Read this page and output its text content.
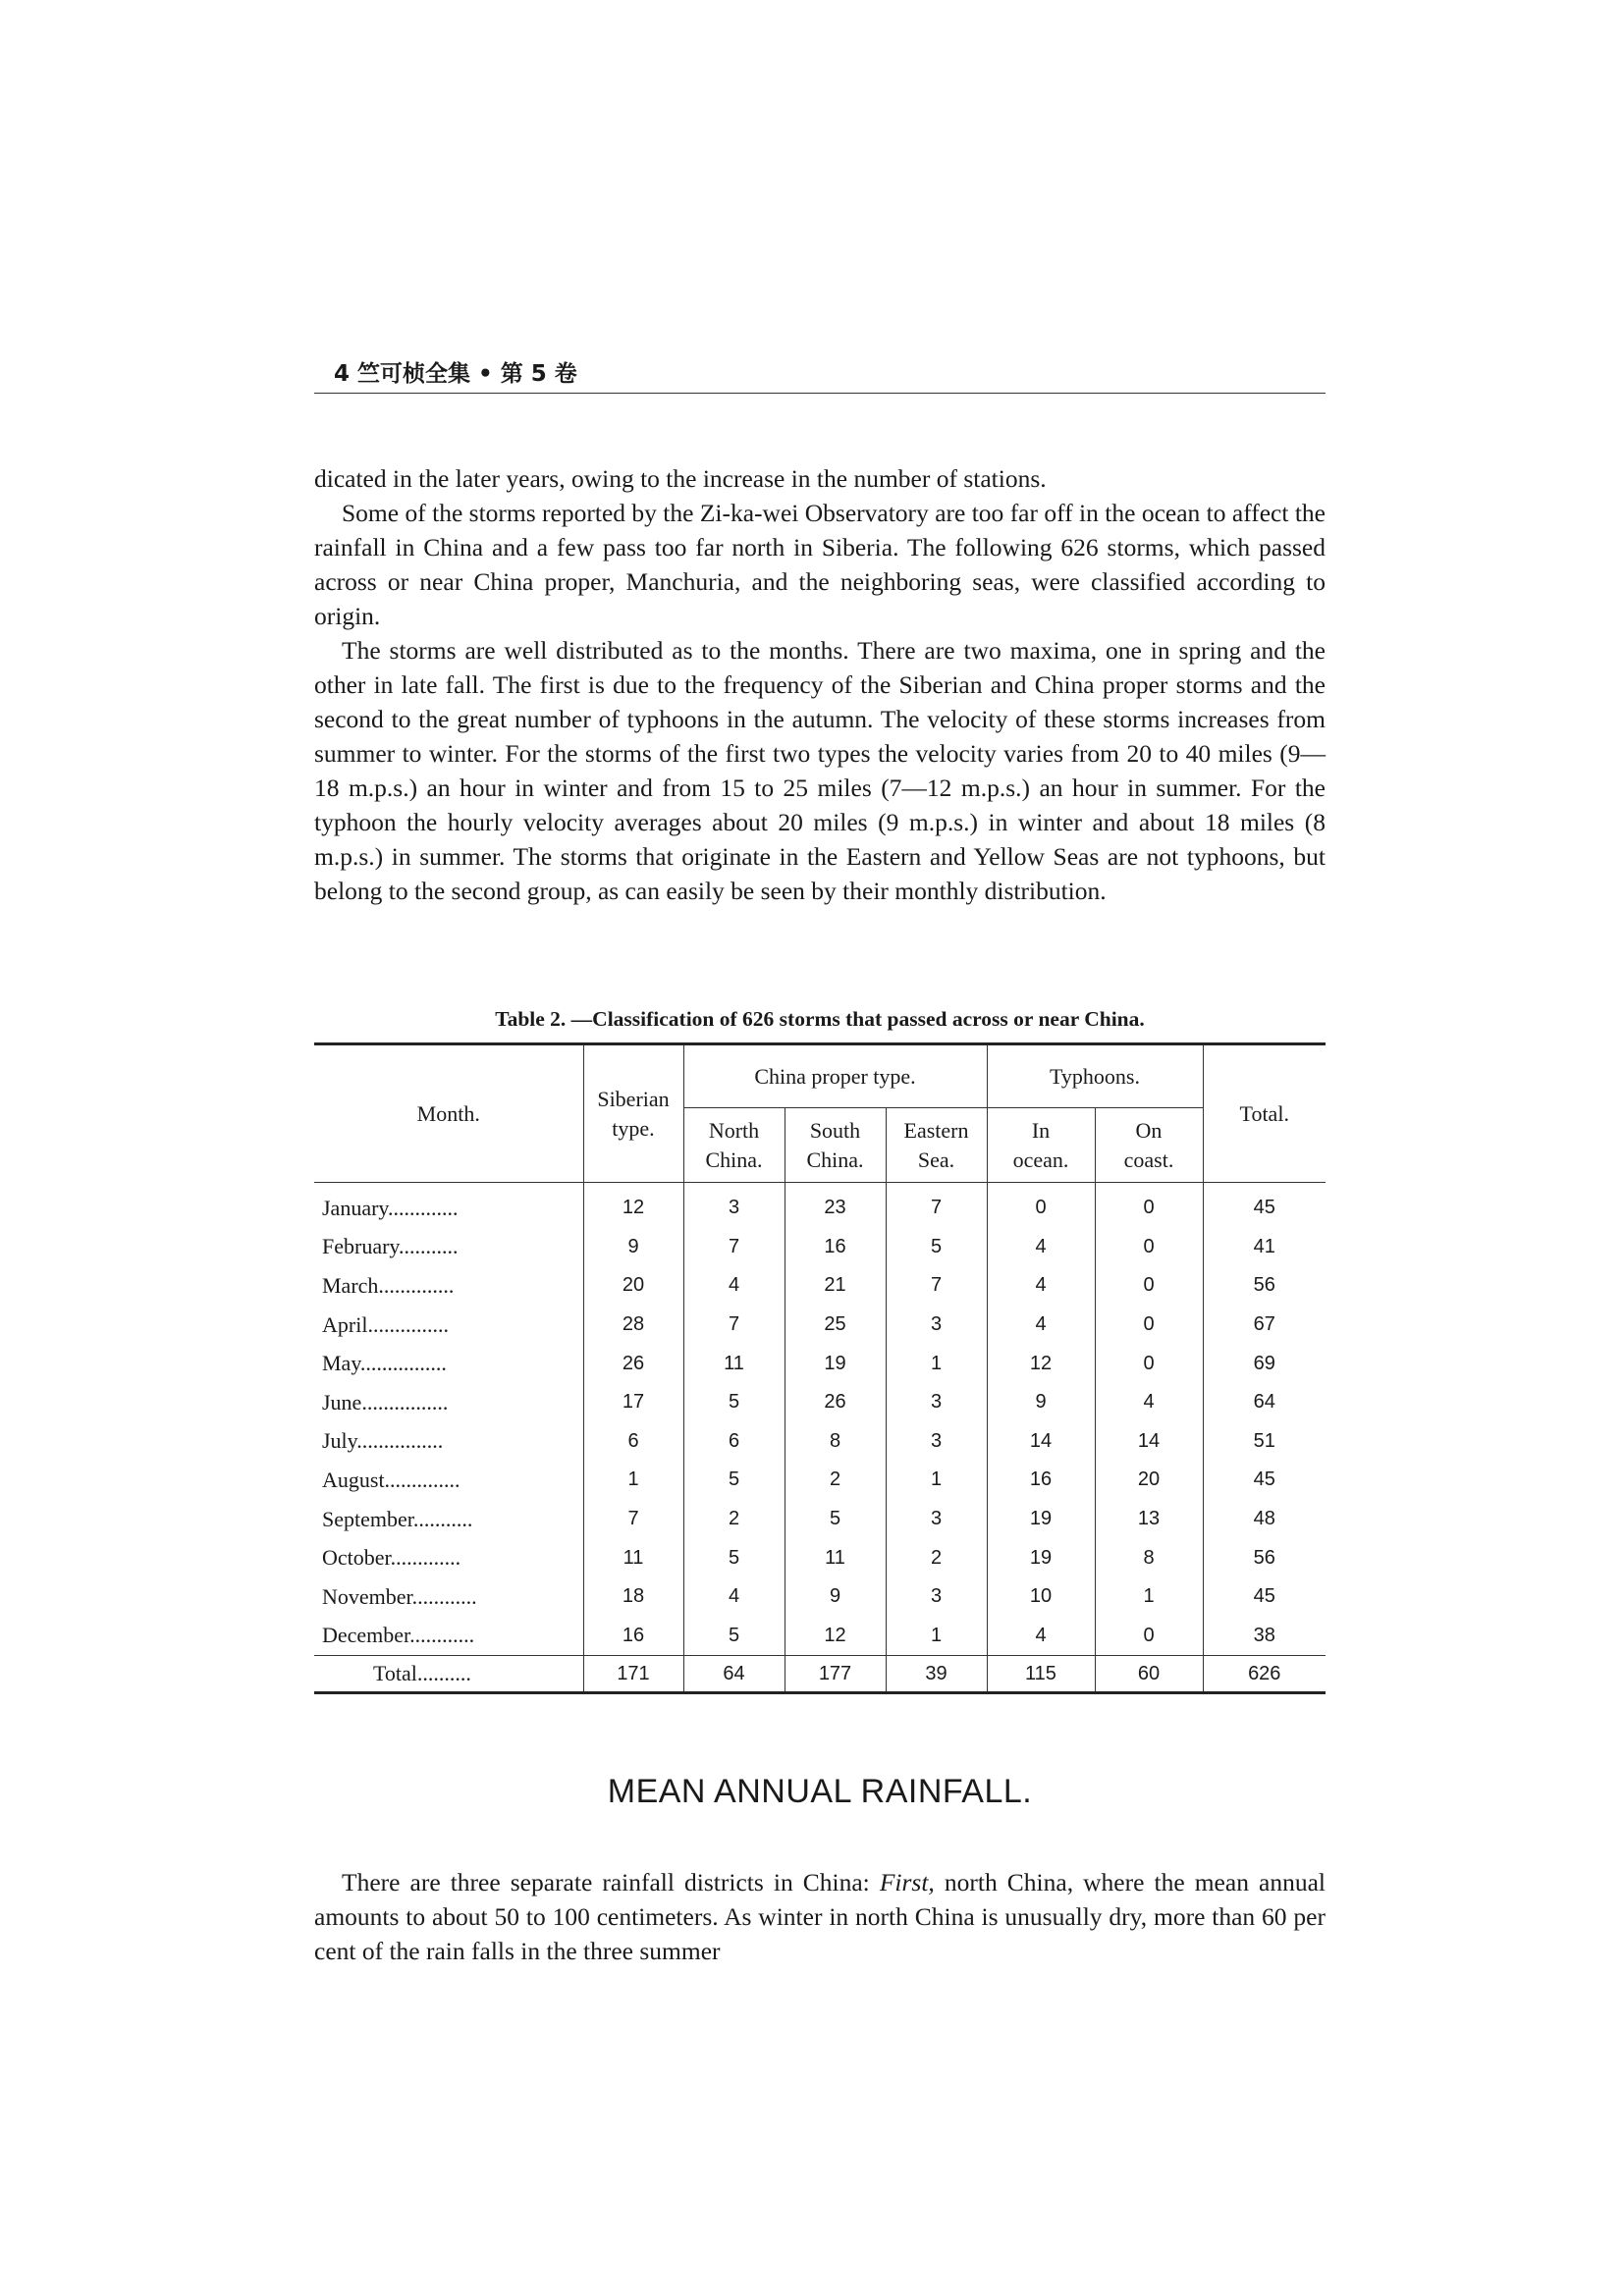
4 竺可桢全集 • 第 5 卷

dicated in the later years, owing to the increase in the number of stations.

Some of the storms reported by the Zi-ka-wei Observatory are too far off in the ocean to affect the rainfall in China and a few pass too far north in Siberia. The following 626 storms, which passed across or near China proper, Manchuria, and the neighboring seas, were classified according to origin.

The storms are well distributed as to the months. There are two maxima, one in spring and the other in late fall. The first is due to the frequency of the Siberian and China proper storms and the second to the great number of typhoons in the autumn. The velocity of these storms increases from summer to winter. For the storms of the first two types the velocity varies from 20 to 40 miles (9—18 m.p.s.) an hour in winter and from 15 to 25 miles (7—12 m.p.s.) an hour in summer. For the typhoon the hourly velocity averages about 20 miles (9 m.p.s.) in winter and about 18 miles (8 m.p.s.) in summer. The storms that originate in the Eastern and Yellow Seas are not typhoons, but belong to the second group, as can easily be seen by their monthly distribution.

Table 2. —Classification of 626 storms that passed across or near China.
Month.	Siberian type.	China proper type.			Typhoons.		Total.
		North China.	South China.	Eastern Sea.	In ocean.	On coast.	
January.............	12	3	23	7	0	0	45
February...........	9	7	16	5	4	0	41
March..............	20	4	21	7	4	0	56
April...............	28	7	25	3	4	0	67
May................	26	11	19	1	12	0	69
June................	17	5	26	3	9	4	64
July................	6	6	8	3	14	14	51
August..............	1	5	2	1	16	20	45
September...........	7	2	5	3	19	13	48
October.............	11	5	11	2	19	8	56
November............	18	4	9	3	10	1	45
December............	16	5	12	1	4	0	38
Total..........	171	64	177	39	115	60	626
MEAN ANNUAL RAINFALL.

There are three separate rainfall districts in China: First, north China, where the mean annual amounts to about 50 to 100 centimeters. As winter in north China is unusually dry, more than 60 per cent of the rain falls in the three summer
